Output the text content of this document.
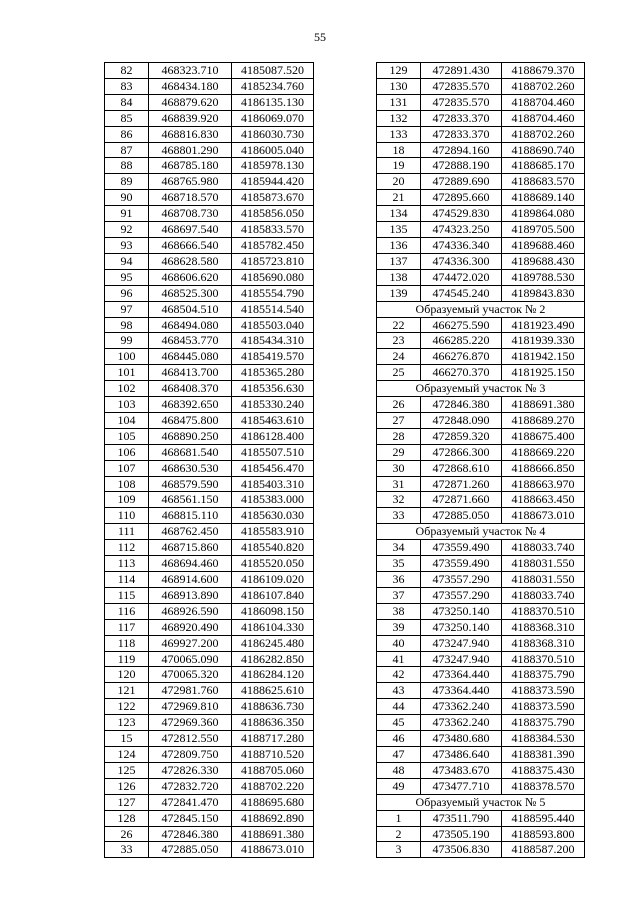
55
82	468323.710	4185087.520
83	468434.180	4185234.760
84	468879.620	4186135.130
85	468839.920	4186069.070
86	468816.830	4186030.730
87	468801.290	4186005.040
88	468785.180	4185978.130
89	468765.980	4185944.420
90	468718.570	4185873.670
91	468708.730	4185856.050
92	468697.540	4185833.570
93	468666.540	4185782.450
94	468628.580	4185723.810
95	468606.620	4185690.080
96	468525.300	4185554.790
97	468504.510	4185514.540
98	468494.080	4185503.040
99	468453.770	4185434.310
100	468445.080	4185419.570
101	468413.700	4185365.280
102	468408.370	4185356.630
103	468392.650	4185330.240
104	468475.800	4185463.610
105	468890.250	4186128.400
106	468681.540	4185507.510
107	468630.530	4185456.470
108	468579.590	4185403.310
109	468561.150	4185383.000
110	468815.110	4185630.030
111	468762.450	4185583.910
112	468715.860	4185540.820
113	468694.460	4185520.050
114	468914.600	4186109.020
115	468913.890	4186107.840
116	468926.590	4186098.150
117	468920.490	4186104.330
118	469927.200	4186245.480
119	470065.090	4186282.850
120	470065.320	4186284.120
121	472981.760	4188625.610
122	472969.810	4188636.730
123	472969.360	4188636.350
15	472812.550	4188717.280
124	472809.750	4188710.520
125	472826.330	4188705.060
126	472832.720	4188702.220
127	472841.470	4188695.680
128	472845.150	4188692.890
26	472846.380	4188691.380
33	472885.050	4188673.010
129	472891.430	4188679.370
130	472835.570	4188702.260
131	472835.570	4188704.460
132	472833.370	4188704.460
133	472833.370	4188702.260
18	472894.160	4188690.740
19	472888.190	4188685.170
20	472889.690	4188683.570
21	472895.660	4188689.140
134	474529.830	4189864.080
135	474323.250	4189705.500
136	474336.340	4189688.460
137	474336.300	4189688.430
138	474472.020	4189788.530
139	474545.240	4189843.830
Образуемый участок № 2		
22	466275.590	4181923.490
23	466285.220	4181939.330
24	466276.870	4181942.150
25	466270.370	4181925.150
Образуемый участок № 3		
26	472846.380	4188691.380
27	472848.090	4188689.270
28	472859.320	4188675.400
29	472866.300	4188669.220
30	472868.610	4188666.850
31	472871.260	4188663.970
32	472871.660	4188663.450
33	472885.050	4188673.010
Образуемый участок № 4		
34	473559.490	4188033.740
35	473559.490	4188031.550
36	473557.290	4188031.550
37	473557.290	4188033.740
38	473250.140	4188370.510
39	473250.140	4188368.310
40	473247.940	4188368.310
41	473247.940	4188370.510
42	473364.440	4188375.790
43	473364.440	4188373.590
44	473362.240	4188373.590
45	473362.240	4188375.790
46	473480.680	4188384.530
47	473486.640	4188381.390
48	473483.670	4188375.430
49	473477.710	4188378.570
Образуемый участок № 5		
1	473511.790	4188595.440
2	473505.190	4188593.800
3	473506.830	4188587.200
